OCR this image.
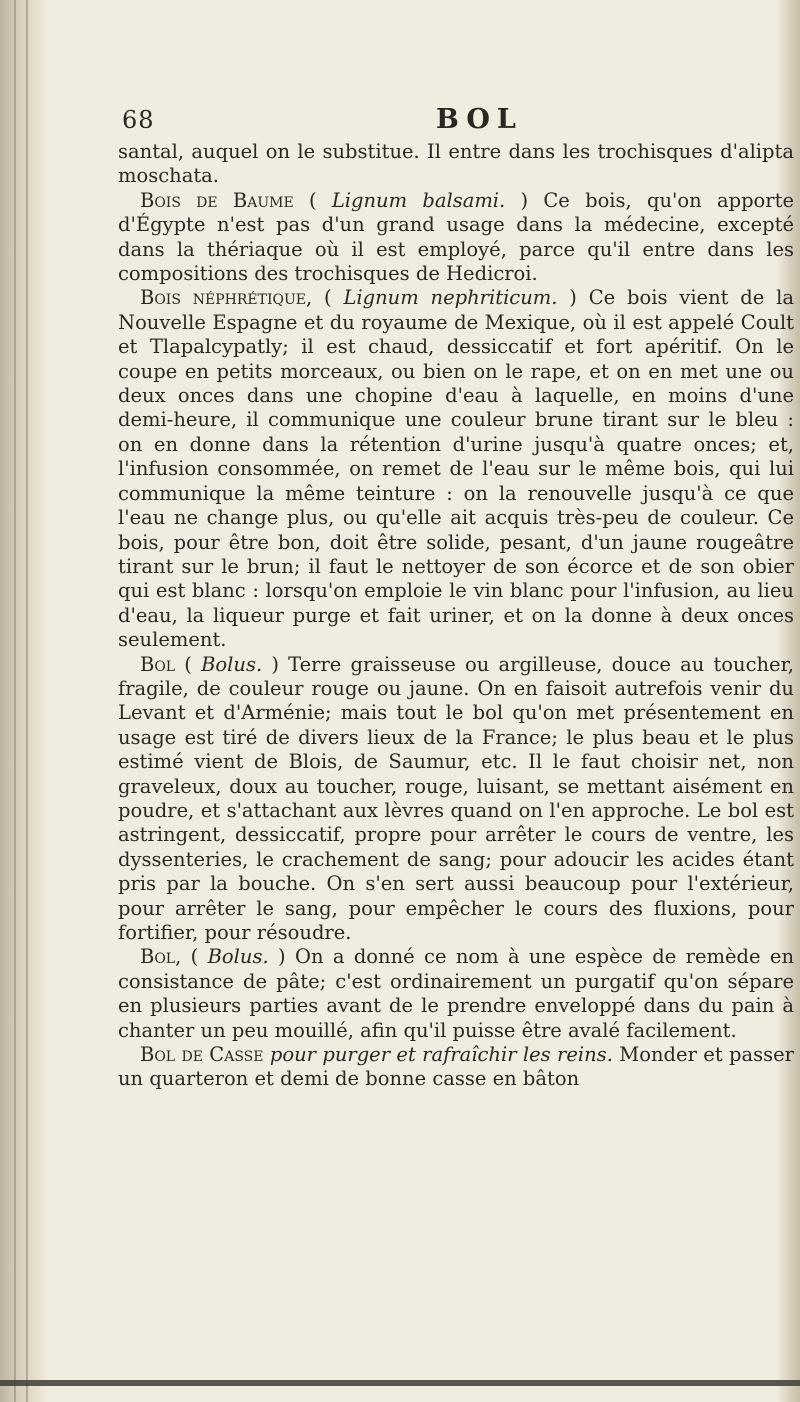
68	BOL

santal, auquel on le substitue. Il entre dans les trochisques d'alipta moschata.

Bois de Baume ( Lignum balsami. ) Ce bois, qu'on apporte d'Égypte n'est pas d'un grand usage dans la médecine, excepté dans la thériaque où il est employé, parce qu'il entre dans les compositions des trochisques de Hedicroi.

Bois néphrétique, ( Lignum nephriticum. ) Ce bois vient de la Nouvelle Espagne et du royaume de Mexique, où il est appelé Coult et Tlapalcypatly; il est chaud, dessiccatif et fort apéritif. On le coupe en petits morceaux, ou bien on le rape, et on en met une ou deux onces dans une chopine d'eau à laquelle, en moins d'une demi-heure, il communique une couleur brune tirant sur le bleu : on en donne dans la rétention d'urine jusqu'à quatre onces; et, l'infusion consommée, on remet de l'eau sur le même bois, qui lui communique la même teinture : on la renouvelle jusqu'à ce que l'eau ne change plus, ou qu'elle ait acquis très-peu de couleur. Ce bois, pour être bon, doit être solide, pesant, d'un jaune rougeâtre tirant sur le brun; il faut le nettoyer de son écorce et de son obier qui est blanc : lorsqu'on emploie le vin blanc pour l'infusion, au lieu d'eau, la liqueur purge et fait uriner, et on la donne à deux onces seulement.

Bol ( Bolus. ) Terre graisseuse ou argilleuse, douce au toucher, fragile, de couleur rouge ou jaune. On en faisoit autrefois venir du Levant et d'Arménie; mais tout le bol qu'on met présentement en usage est tiré de divers lieux de la France; le plus beau et le plus estimé vient de Blois, de Saumur, etc. Il le faut choisir net, non graveleux, doux au toucher, rouge, luisant, se mettant aisément en poudre, et s'attachant aux lèvres quand on l'en approche. Le bol est astringent, dessiccatif, propre pour arrêter le cours de ventre, les dyssenteries, le crachement de sang; pour adoucir les acides étant pris par la bouche. On s'en sert aussi beaucoup pour l'extérieur, pour arrêter le sang, pour empêcher le cours des fluxions, pour fortifier, pour résoudre.

Bol, ( Bolus. ) On a donné ce nom à une espèce de remède en consistance de pâte; c'est ordinairement un purgatif qu'on sépare en plusieurs parties avant de le prendre enveloppé dans du pain à chanter un peu mouillé, afin qu'il puisse être avalé facilement.

Bol de Casse pour purger et rafraîchir les reins. Monder et passer un quarteron et demi de bonne casse en bâton
